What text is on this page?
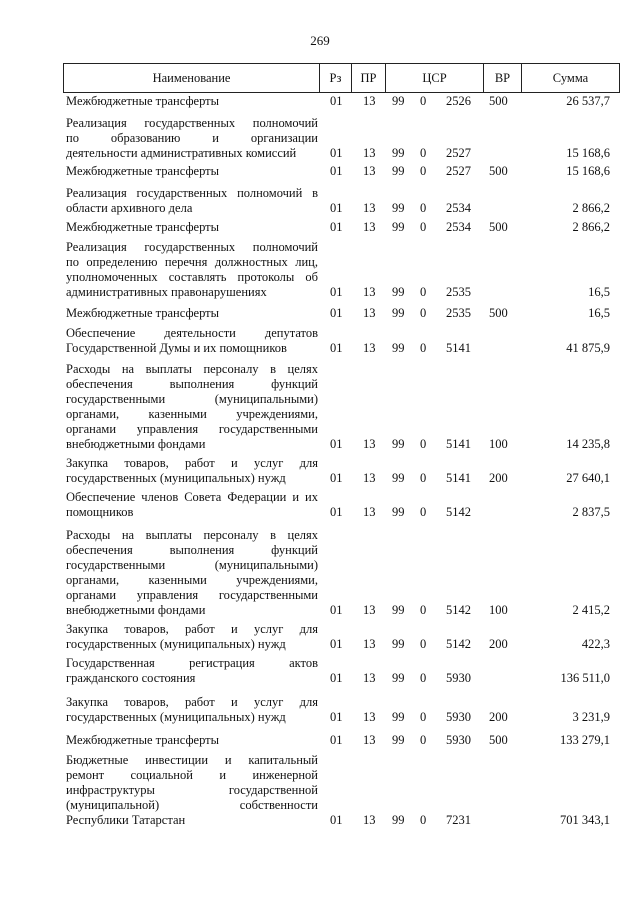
269
Наименование	Рз	ПР	ЦСР	ВР	Сумма
Межбюджетные трансферты	01 13 99 0 2526 500	26 537,7
Реализация государственных полномочий
по образованию и организации
деятельности административных комиссий	01 13 99 0 2527	15 168,6
Межбюджетные трансферты	01 13 99 0 2527 500	15 168,6
Реализация государственных полномочий в
области архивного дела	01 13 99 0 2534	2 866,2
Межбюджетные трансферты	01 13 99 0 2534 500	2 866,2
Реализация государственных полномочий
по определению перечня должностных лиц,
уполномоченных составлять протоколы об
административных правонарушениях	01 13 99 0 2535	16,5
Межбюджетные трансферты	01 13 99 0 2535 500	16,5
Обеспечение деятельности депутатов
Государственной Думы и их помощников	01 13 99 0 5141	41 875,9
Расходы на выплаты персоналу в целях
обеспечения выполнения функций
государственными (муниципальными)
органами, казенными учреждениями,
органами управления государственными
внебюджетными фондами	01 13 99 0 5141 100	14 235,8
Закупка товаров, работ и услуг для
государственных (муниципальных) нужд	01 13 99 0 5141 200	27 640,1
Обеспечение членов Совета Федерации и их
помощников	01 13 99 0 5142	2 837,5
Расходы на выплаты персоналу в целях
обеспечения выполнения функций
государственными (муниципальными)
органами, казенными учреждениями,
органами управления государственными
внебюджетными фондами	01 13 99 0 5142 100	2 415,2
Закупка товаров, работ и услуг для
государственных (муниципальных) нужд	01 13 99 0 5142 200	422,3
Государственная регистрация актов
гражданского состояния	01 13 99 0 5930	136 511,0
Закупка товаров, работ и услуг для
государственных (муниципальных) нужд	01 13 99 0 5930 200	3 231,9
Межбюджетные трансферты	01 13 99 0 5930 500	133 279,1
Бюджетные инвестиции и капитальный
ремонт социальной и инженерной
инфраструктуры государственной
(муниципальной) собственности
Республики Татарстан	01 13 99 0 7231	701 343,1
